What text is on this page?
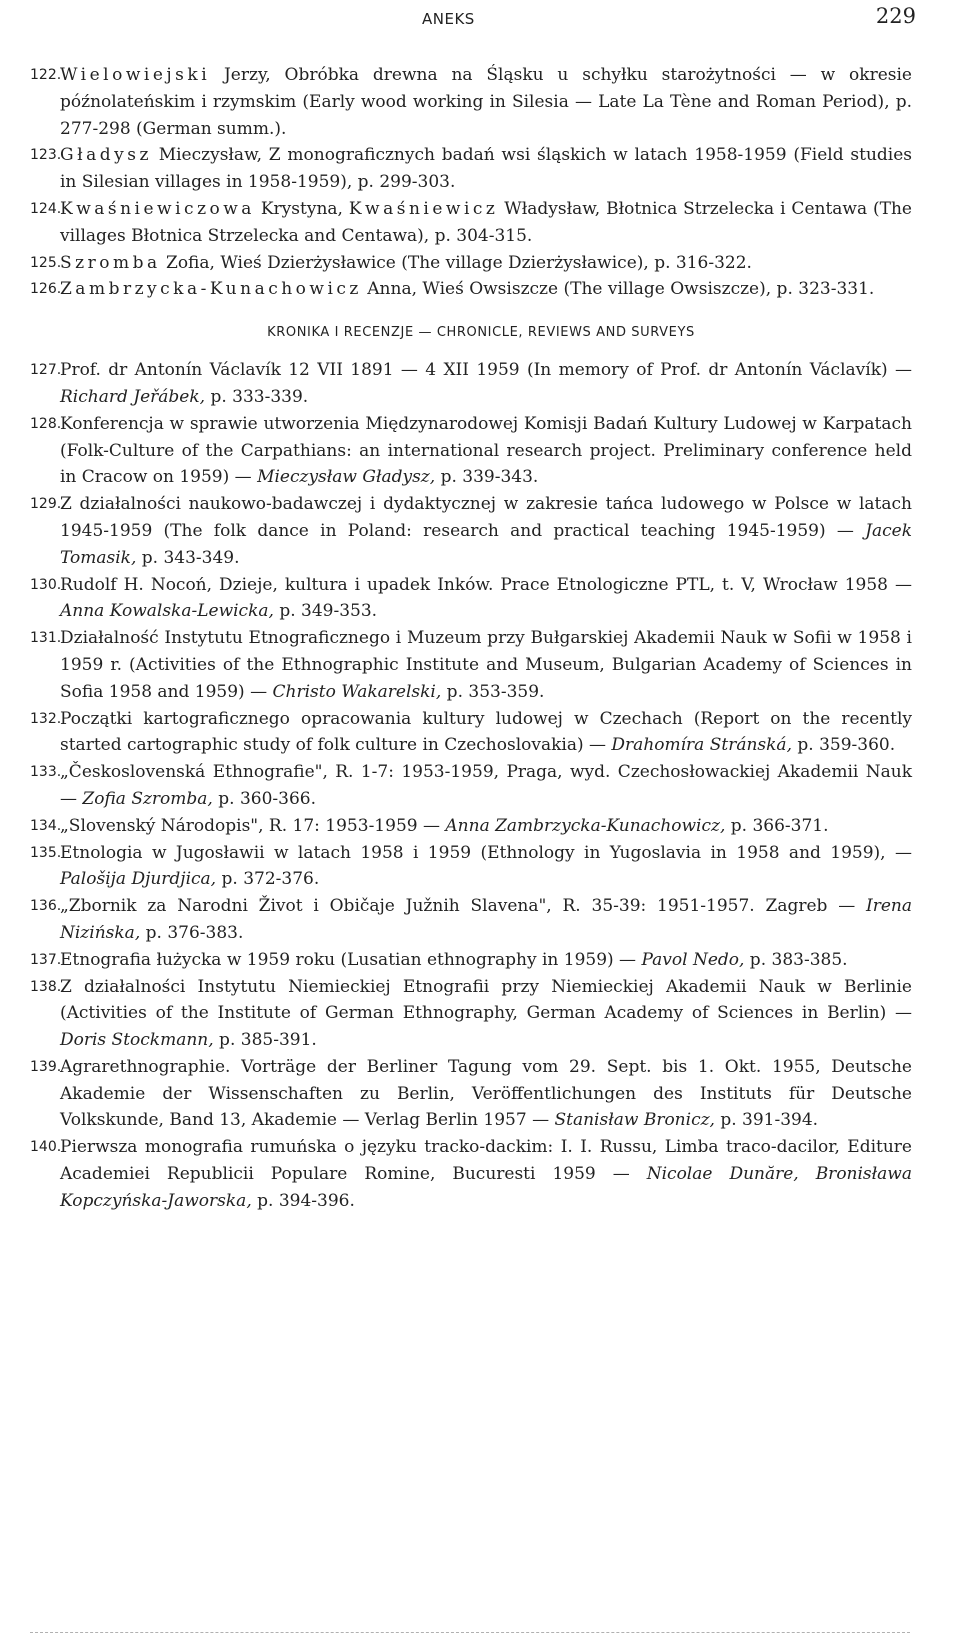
ANEKS	229
122.
Wielowiejski Jerzy, Obróbka drewna na Śląsku u schyłku starożytności — w okresie późnolateńskim i rzymskim (Early wood working in Silesia — Late La Tène and Roman Period), p. 277-298 (German summ.).
123.
Gładysz Mieczysław, Z monograficznych badań wsi śląskich w latach 1958-1959 (Field studies in Silesian villages in 1958-1959), p. 299-303.
124.
Kwaśniewiczowa Krystyna, Kwaśniewicz Władysław, Błotnica Strzelecka i Centawa (The villages Błotnica Strzelecka and Centawa), p. 304-315.
125.
Szromba Zofia, Wieś Dzierżysławice (The village Dzierżysławice), p. 316-322.
126.
Zambrzycka-Kunachowicz Anna, Wieś Owsiszcze (The village Owsiszcze), p. 323-331.
KRONIKA I RECENZJE — CHRONICLE, REVIEWS AND SURVEYS
127.
Prof. dr Antonín Václavík 12 VII 1891 — 4 XII 1959 (In memory of Prof. dr Antonín Václavík) — Richard Jeřábek, p. 333-339.
128.
Konferencja w sprawie utworzenia Międzynarodowej Komisji Badań Kultury Ludowej w Karpatach (Folk-Culture of the Carpathians: an international research project. Preliminary conference held in Cracow on 1959) — Mieczysław Gładysz, p. 339-343.
129.
Z działalności naukowo-badawczej i dydaktycznej w zakresie tańca ludowego w Polsce w latach 1945-1959 (The folk dance in Poland: research and practical teaching 1945-1959) — Jacek Tomasik, p. 343-349.
130.
Rudolf H. Nocoń, Dzieje, kultura i upadek Inków. Prace Etnologiczne PTL, t. V, Wrocław 1958 — Anna Kowalska-Lewicka, p. 349-353.
131.
Działalność Instytutu Etnograficznego i Muzeum przy Bułgarskiej Akademii Nauk w Sofii w 1958 i 1959 r. (Activities of the Ethnographic Institute and Museum, Bulgarian Academy of Sciences in Sofia 1958 and 1959) — Christo Wakarelski, p. 353-359.
132.
Początki kartograficznego opracowania kultury ludowej w Czechach (Report on the recently started cartographic study of folk culture in Czechoslovakia) — Drahomíra Stránská, p. 359-360.
133.
„Československá Ethnografie", R. 1-7: 1953-1959, Praga, wyd. Czechosłowackiej Akademii Nauk — Zofia Szromba, p. 360-366.
134.
„Slovenský Národopis", R. 17: 1953-1959 — Anna Zambrzycka-Kunachowicz, p. 366-371.
135.
Etnologia w Jugosławii w latach 1958 i 1959 (Ethnology in Yugoslavia in 1958 and 1959), — Palošija Djurdjica, p. 372-376.
136.
„Zbornik za Narodni Život i Običaje Južnih Slavena", R. 35-39: 1951-1957. Zagreb — Irena Nizińska, p. 376-383.
137.
Etnografia łużycka w 1959 roku (Lusatian ethnography in 1959) — Pavol Nedo, p. 383-385.
138.
Z działalności Instytutu Niemieckiej Etnografii przy Niemieckiej Akademii Nauk w Berlinie (Activities of the Institute of German Ethnography, German Academy of Sciences in Berlin) — Doris Stockmann, p. 385-391.
139.
Agrarethnographie. Vorträge der Berliner Tagung vom 29. Sept. bis 1. Okt. 1955, Deutsche Akademie der Wissenschaften zu Berlin, Veröffentlichungen des Instituts für Deutsche Volkskunde, Band 13, Akademie — Verlag Berlin 1957 — Stanisław Bronicz, p. 391-394.
140.
Pierwsza monografia rumuńska o języku tracko-dackim: I. I. Russu, Limba traco-dacilor, Editure Academiei Republicii Populare Romine, Bucuresti 1959 — Nicolae Dunăre, Bronisława Kopczyńska-Jaworska, p. 394-396.
